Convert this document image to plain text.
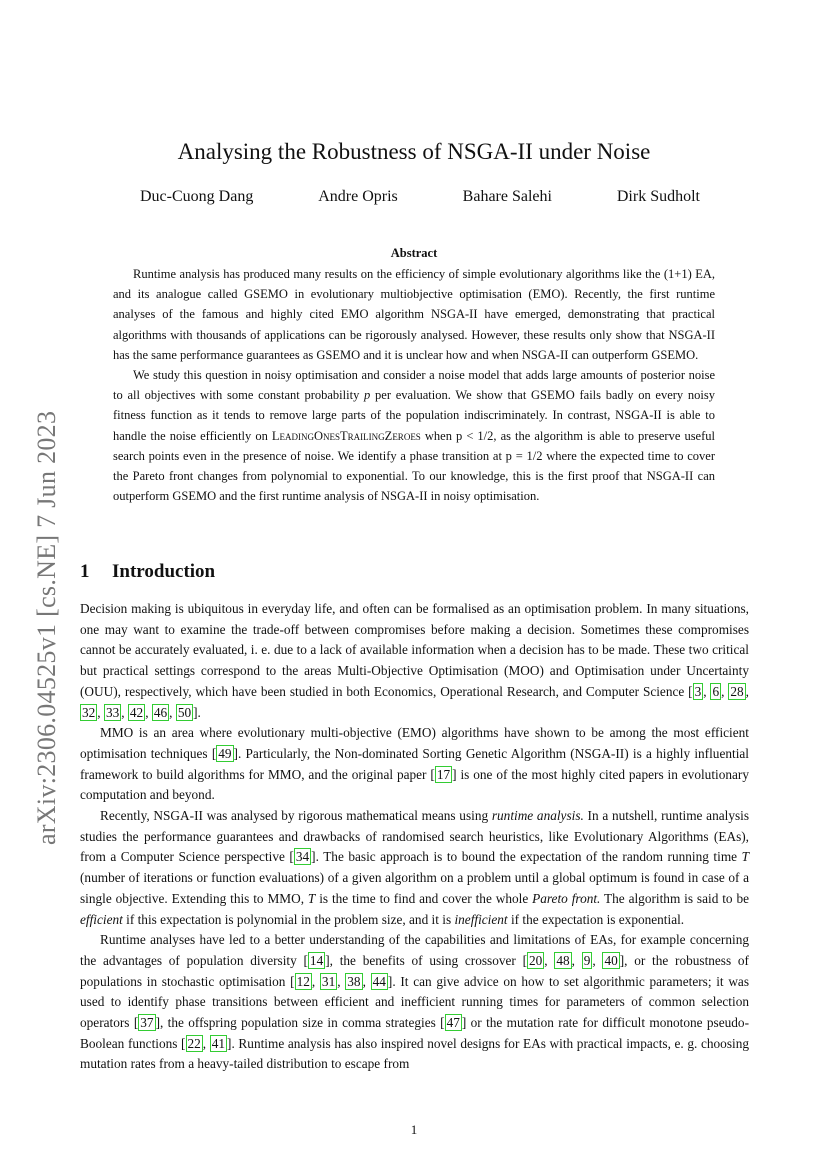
arXiv:2306.04525v1 [cs.NE] 7 Jun 2023
Analysing the Robustness of NSGA-II under Noise
Duc-Cuong Dang	Andre Opris	Bahare Salehi	Dirk Sudholt
Abstract

Runtime analysis has produced many results on the efficiency of simple evolutionary algorithms like the (1+1) EA, and its analogue called GSEMO in evolutionary multiobjective optimisation (EMO). Recently, the first runtime analyses of the famous and highly cited EMO algorithm NSGA-II have emerged, demonstrating that practical algorithms with thousands of applications can be rigorously analysed. However, these results only show that NSGA-II has the same performance guarantees as GSEMO and it is unclear how and when NSGA-II can outperform GSEMO.

We study this question in noisy optimisation and consider a noise model that adds large amounts of posterior noise to all objectives with some constant probability p per evaluation. We show that GSEMO fails badly on every noisy fitness function as it tends to remove large parts of the population indiscriminately. In contrast, NSGA-II is able to handle the noise efficiently on LeadingOnesTrailingZeroes when p < 1/2, as the algorithm is able to preserve useful search points even in the presence of noise. We identify a phase transition at p = 1/2 where the expected time to cover the Pareto front changes from polynomial to exponential. To our knowledge, this is the first proof that NSGA-II can outperform GSEMO and the first runtime analysis of NSGA-II in noisy optimisation.

1 Introduction

Decision making is ubiquitous in everyday life, and often can be formalised as an optimisation problem. In many situations, one may want to examine the trade-off between compromises before making a decision. Sometimes these compromises cannot be accurately evaluated, i. e. due to a lack of available information when a decision has to be made. These two critical but practical settings correspond to the areas Multi-Objective Optimisation (MOO) and Optimisation under Uncertainty (OUU), respectively, which have been studied in both Economics, Operational Research, and Computer Science [ 3 , 6 , 28 , 32 , 33 , 42 , 46 , 50 ].

MMO is an area where evolutionary multi-objective (EMO) algorithms have shown to be among the most efficient optimisation techniques [ 49 ]. Particularly, the Non-dominated Sorting Genetic Algorithm (NSGA-II) is a highly influential framework to build algorithms for MMO, and the original paper [ 17 ] is one of the most highly cited papers in evolutionary computation and beyond.

Recently, NSGA-II was analysed by rigorous mathematical means using runtime analysis. In a nutshell, runtime analysis studies the performance guarantees and drawbacks of randomised search heuristics, like Evolutionary Algorithms (EAs), from a Computer Science perspective [ 34 ]. The basic approach is to bound the expectation of the random running time T (number of iterations or function evaluations) of a given algorithm on a problem until a global optimum is found in case of a single objective. Extending this to MMO, T is the time to find and cover the whole Pareto front. The algorithm is said to be efficient if this expectation is polynomial in the problem size, and it is inefficient if the expectation is exponential.

Runtime analyses have led to a better understanding of the capabilities and limitations of EAs, for example concerning the advantages of population diversity [ 14 ], the benefits of using crossover [ 20 , 48 , 9 , 40 ], or the robustness of populations in stochastic optimisation [ 12 , 31 , 38 , 44 ]. It can give advice on how to set algorithmic parameters; it was used to identify phase transitions between efficient and inefficient running times for parameters of common selection operators [ 37 ], the offspring population size in comma strategies [ 47 ] or the mutation rate for difficult monotone pseudo-Boolean functions [ 22 , 41 ]. Runtime analysis has also inspired novel designs for EAs with practical impacts, e. g. choosing mutation rates from a heavy-tailed distribution to escape from

1
